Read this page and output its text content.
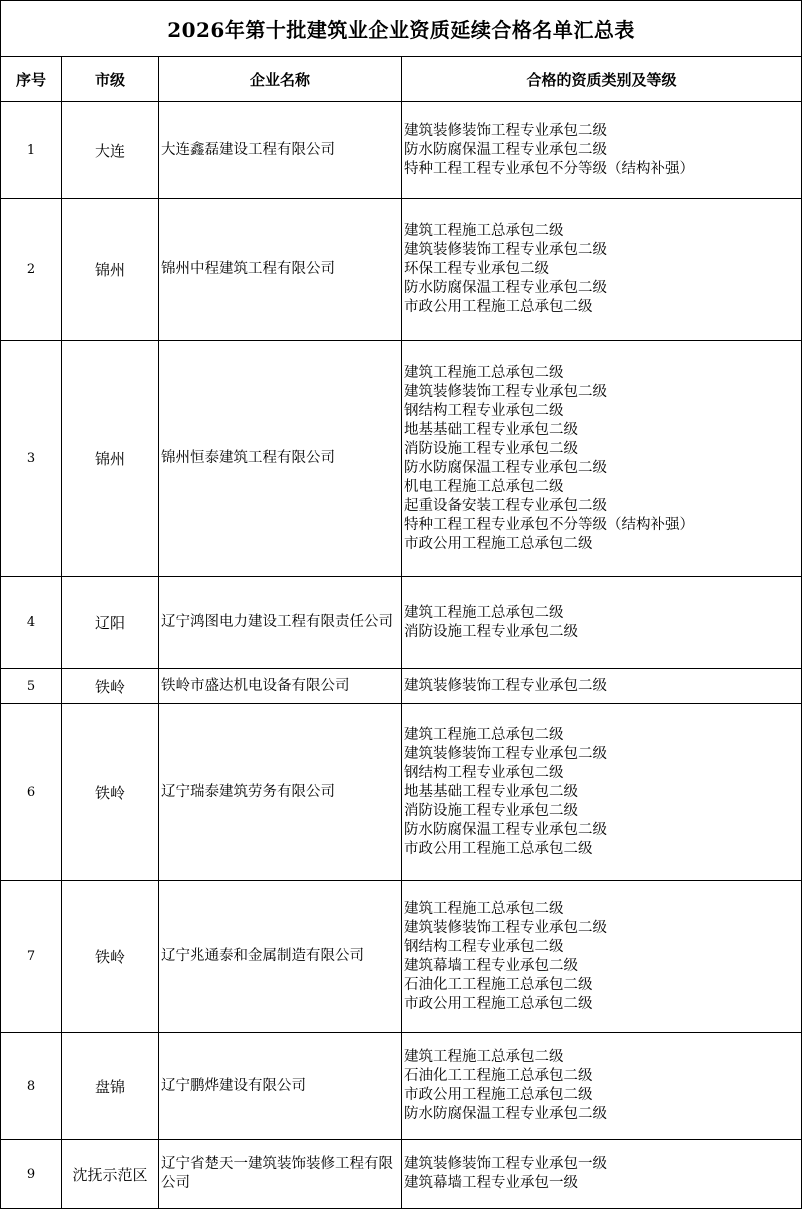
2026年第十批建筑业企业资质延续合格名单汇总表			
序号	市级	企业名称	合格的资质类别及等级
1	大连	大连鑫磊建设工程有限公司	建筑装修装饰工程专业承包二级
防水防腐保温工程专业承包二级
特种工程工程专业承包不分等级（结构补强）

2	锦州	锦州中程建筑工程有限公司	建筑工程施工总承包二级
建筑装修装饰工程专业承包二级
环保工程专业承包二级
防水防腐保温工程专业承包二级
市政公用工程施工总承包二级

3	锦州	锦州恒泰建筑工程有限公司	
建筑工程施工总承包二级
建筑装修装饰工程专业承包二级
钢结构工程专业承包二级
地基基础工程专业承包二级
消防设施工程专业承包二级
防水防腐保温工程专业承包二级
机电工程施工总承包二级
起重设备安装工程专业承包二级
特种工程工程专业承包不分等级（结构补强）
市政公用工程施工总承包二级

4	辽阳	辽宁鸿图电力建设工程有限责任公司	建筑工程施工总承包二级
消防设施工程专业承包二级

5	铁岭	铁岭市盛达机电设备有限公司	建筑装修装饰工程专业承包二级

6	铁岭	辽宁瑞泰建筑劳务有限公司	
建筑工程施工总承包二级
建筑装修装饰工程专业承包二级
钢结构工程专业承包二级
地基基础工程专业承包二级
消防设施工程专业承包二级
防水防腐保温工程专业承包二级
市政公用工程施工总承包二级

7	铁岭	辽宁兆通泰和金属制造有限公司	
建筑工程施工总承包二级
建筑装修装饰工程专业承包二级
钢结构工程专业承包二级
建筑幕墙工程专业承包二级
石油化工工程施工总承包二级
市政公用工程施工总承包二级

8	盘锦	辽宁鹏烨建设有限公司	建筑工程施工总承包二级
石油化工工程施工总承包二级
市政公用工程施工总承包二级
防水防腐保温工程专业承包二级

9	沈抚示范区	辽宁省楚天一建筑装饰装修工程有限公司	建筑装修装饰工程专业承包一级
建筑幕墙工程专业承包一级
